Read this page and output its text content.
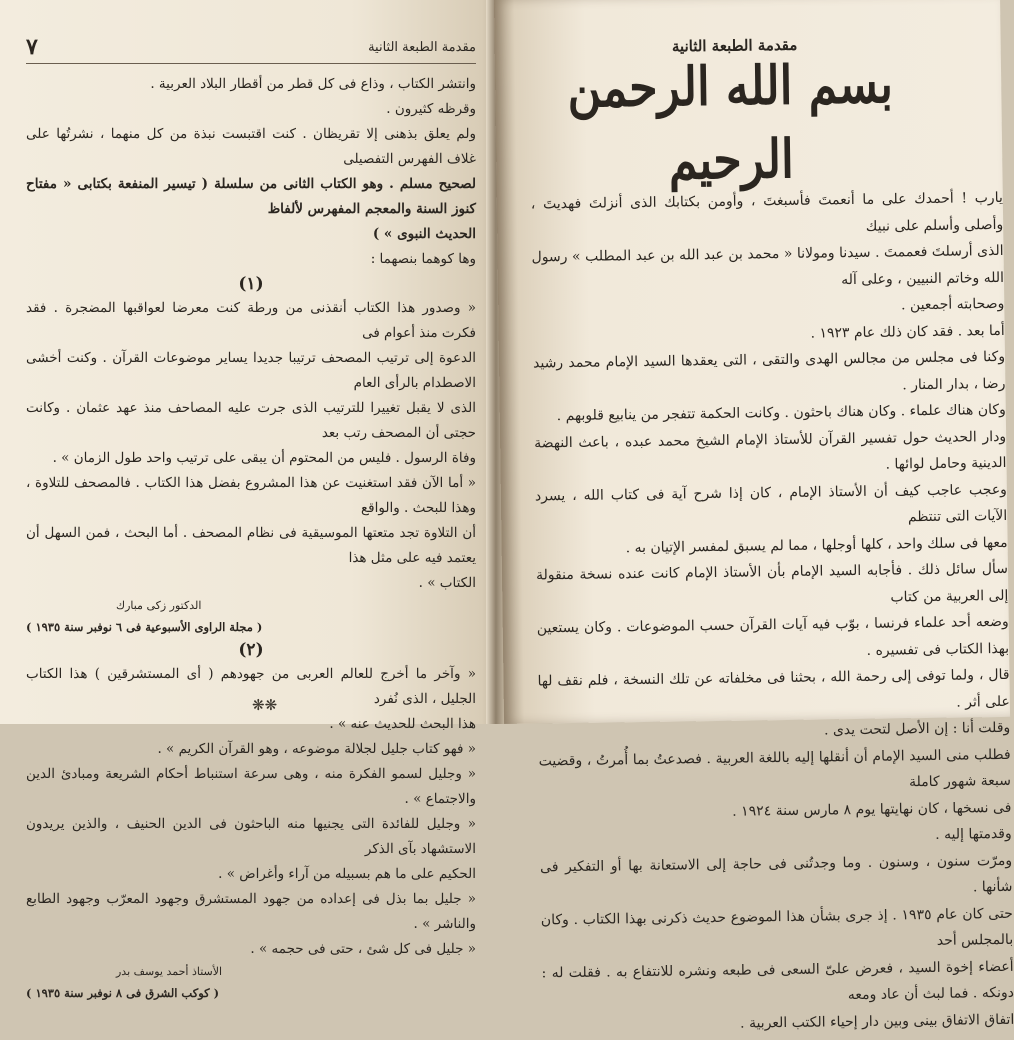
مقدمة الطبعة الثانية
٧

وانتشر الكتاب ، وذاع فى كل قطر من أقطار البلاد العربية .

وقرظه كثيرون .

ولم يعلق بذهنى إلا تقريظان . كنت اقتبست نبذة من كل منهما ، نشرتُها على غلاف الفهرس التفصيلى

لصحيح مسلم . وهو الكتاب الثانى من سلسلة ( تيسير المنفعة بكتابى « مفتاح كنوز السنة والمعجم المفهرس لألفاظ

الحديث النبوى » )

وها كوهما بنصهما :

(١)

« وصدور هذا الكتاب أنقذنى من ورطة كنت معرضا لعواقبها المضجرة . فقد فكرت منذ أعوام فى

الدعوة إلى ترتيب المصحف ترتيبا جديدا يساير موضوعات القرآن . وكنت أخشى الاصطدام بالرأى العام

الذى لا يقبل تغييرا للترتيب الذى جرت عليه المصاحف منذ عهد عثمان . وكانت حجتى أن المصحف رتب بعد

وفاة الرسول . فليس من المحتوم أن يبقى على ترتيب واحد طول الزمان » .

« أما الآن فقد استغنيت عن هذا المشروع بفضل هذا الكتاب . فالمصحف للتلاوة ، وهذا للبحث . والواقع

أن التلاوة تجد متعتها الموسيقية فى نظام المصحف . أما البحث ، فمن السهل أن يعتمد فيه على مثل هذا

الكتاب » .

الدكتور زكى مبارك
( مجلة الراوى الأسبوعية فى ٦ نوفبر سنة ١٩٣٥ )
(٢)

« وآخر ما أخرج للعالم العربى من جهودهم ( أى المستشرقين ) هذا الكتاب الجليل ، الذى نُفرد

هذا البحث للحديث عنه » .

« فهو كتاب جليل لجلالة موضوعه ، وهو القرآن الكريم » .

« وجليل لسمو الفكرة منه ، وهى سرعة استنباط أحكام الشريعة ومبادئ الدين والاجتماع » .

« وجليل للفائدة التى يجنيها منه الباحثون فى الدين الحنيف ، والذين يريدون الاستشهاد بآى الذكر

الحكيم على ما هم بسبيله من آراء وأغراض » .

« جليل بما بذل فى إعداده من جهود المستشرق وجهود المعرّب وجهود الطابع والناشر » .

« جليل فى كل شئ ، حتى فى حجمه » .

الأستاذ أحمد يوسف بدر
( كوكب الشرق فى ٨ نوفبر سنة ١٩٣٥ )
❋❋
مقدمة الطبعة الثانية
بسم الله الرحمن الرحيم

يارب ! أحمدك على ما أنعمتَ فأسبغتَ ، وأومن بكتابك الذى أنزلتَ فهديتَ ، وأصلى وأسلم على نبيك

الذى أرسلتَ فعممتَ . سيدنا ومولانا « محمد بن عبد الله بن عبد المطلب » رسول الله وخاتم النبيين ، وعلى آله

وصحابته أجمعين .

أما بعد . فقد كان ذلك عام ١٩٢٣ .

وكنا فى مجلس من مجالس الهدى والتقى ، التى يعقدها السيد الإمام محمد رشيد رضا ، بدار المنار .

وكان هناك علماء . وكان هناك باحثون . وكانت الحكمة تتفجر من ينابيع قلوبهم .

ودار الحديث حول تفسير القرآن للأستاذ الإمام الشيخ محمد عبده ، باعث النهضة الدينية وحامل لوائها .

وعجب عاجب كيف أن الأستاذ الإمام ، كان إذا شرح آية فى كتاب الله ، يسرد الآيات التى تنتظم

معها فى سلك واحد ، كلها أوجلها ، مما لم يسبق لمفسر الإتيان به .

سأل سائل ذلك . فأجابه السيد الإمام بأن الأستاذ الإمام كانت عنده نسخة منقولة إلى العربية من كتاب

وضعه أحد علماء فرنسا ، بوّب فيه آيات القرآن حسب الموضوعات . وكان يستعين بهذا الكتاب فى تفسيره .

قال ، ولما توفى إلى رحمة الله ، بحثنا فى مخلفاته عن تلك النسخة ، فلم نقف لها على أثر .

وقلت أنا : إن الأصل لتحت يدى .

فطلب منى السيد الإمام أن أنقلها إليه باللغة العربية . فصدعتُ بما أُمرتُ ، وقضيت سبعة شهور كاملة

فى نسخها ، كان نهايتها يوم ٨ مارس سنة ١٩٢٤ .

وقدمتها إليه .

ومرّت سنون ، وسنون . وما وجدتُنى فى حاجة إلى الاستعانة بها أو التفكير فى شأنها .

حتى كان عام ١٩٣٥ . إذ جرى بشأن هذا الموضوع حديث ذكرنى بهذا الكتاب . وكان بالمجلس أحد

أعضاء إخوة السيد ، فعرض علىّ السعى فى طبعه ونشره للانتفاع به . فقلت له : دونكه . فما لبث أن عاد ومعه

اتفاق الاتفاق بينى وبين دار إحياء الكتب العربية .
